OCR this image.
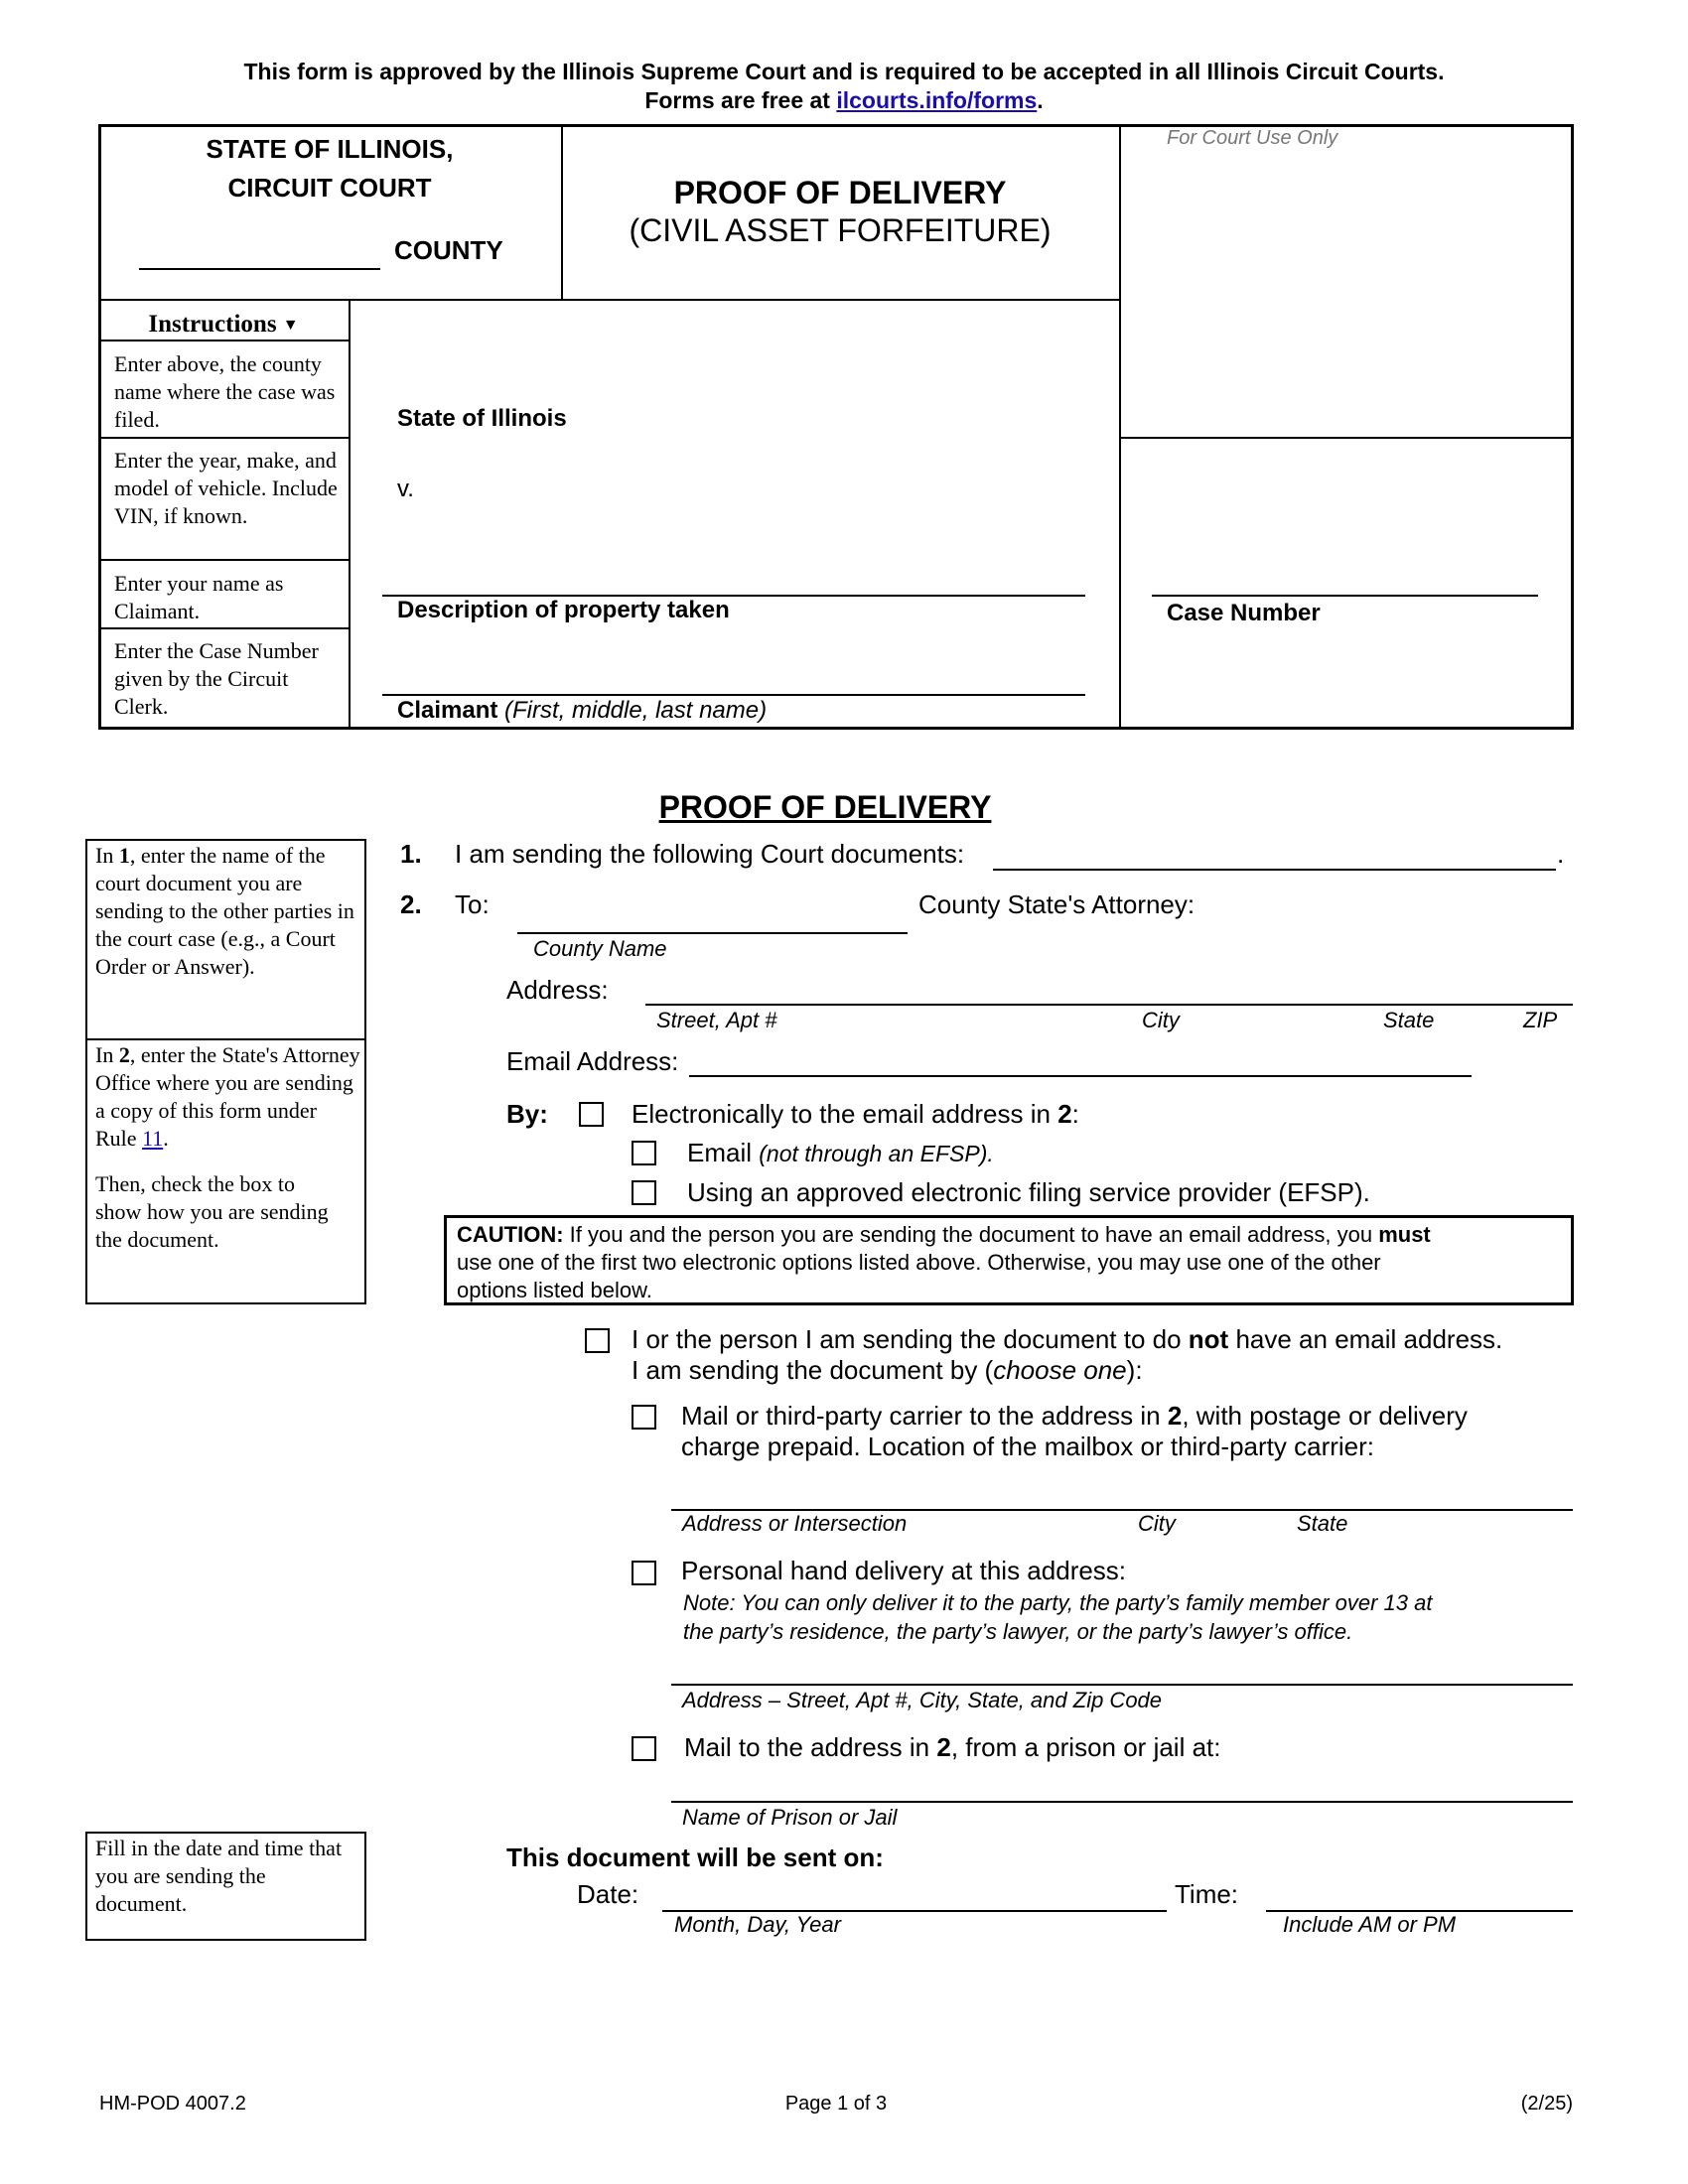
This form is approved by the Illinois Supreme Court and is required to be accepted in all Illinois Circuit Courts.
Forms are free at ilcourts.info/forms.
STATE OF ILLINOIS,
CIRCUIT COURT
COUNTY
PROOF OF DELIVERY
(CIVIL ASSET FORFEITURE)
For Court Use Only
Instructions ▼
Enter above, the county name where the case was filed.
Enter the year, make, and model of vehicle. Include VIN, if known.
Enter your name as Claimant.
Enter the Case Number given by the Circuit Clerk.
State of Illinois
v.
Description of property taken
Claimant (First, middle, last name)
Case Number
PROOF OF DELIVERY
In 1, enter the name of the court document you are sending to the other parties in the court case (e.g., a Court Order or Answer).
In 2, enter the State's Attorney Office where you are sending a copy of this form under Rule 11.
Then, check the box to show how you are sending the document.
Fill in the date and time that you are sending the document.
1. I am sending the following Court documents:	.
2. To:	County State's Attorney:
County Name
Address:
Street, Apt #	City	State	ZIP
Email Address:
By:	Electronically to the email address in 2:
Email (not through an EFSP).
Using an approved electronic filing service provider (EFSP).
CAUTION: If you and the person you are sending the document to have an email address, you must
use one of the first two electronic options listed above. Otherwise, you may use one of the other
options listed below.
I or the person I am sending the document to do not have an email address.
I am sending the document by (choose one):
Mail or third-party carrier to the address in 2, with postage or delivery
charge prepaid. Location of the mailbox or third-party carrier:
Address or Intersection	City	State
Personal hand delivery at this address:
Note: You can only deliver it to the party, the party’s family member over 13 at
the party’s residence, the party’s lawyer, or the party’s lawyer’s office.
Address – Street, Apt #, City, State, and Zip Code
Mail to the address in 2, from a prison or jail at:
Name of Prison or Jail
This document will be sent on:
Date:
Month, Day, Year
Time:
Include AM or PM
HM-POD 4007.2	Page 1 of 3	(2/25)
